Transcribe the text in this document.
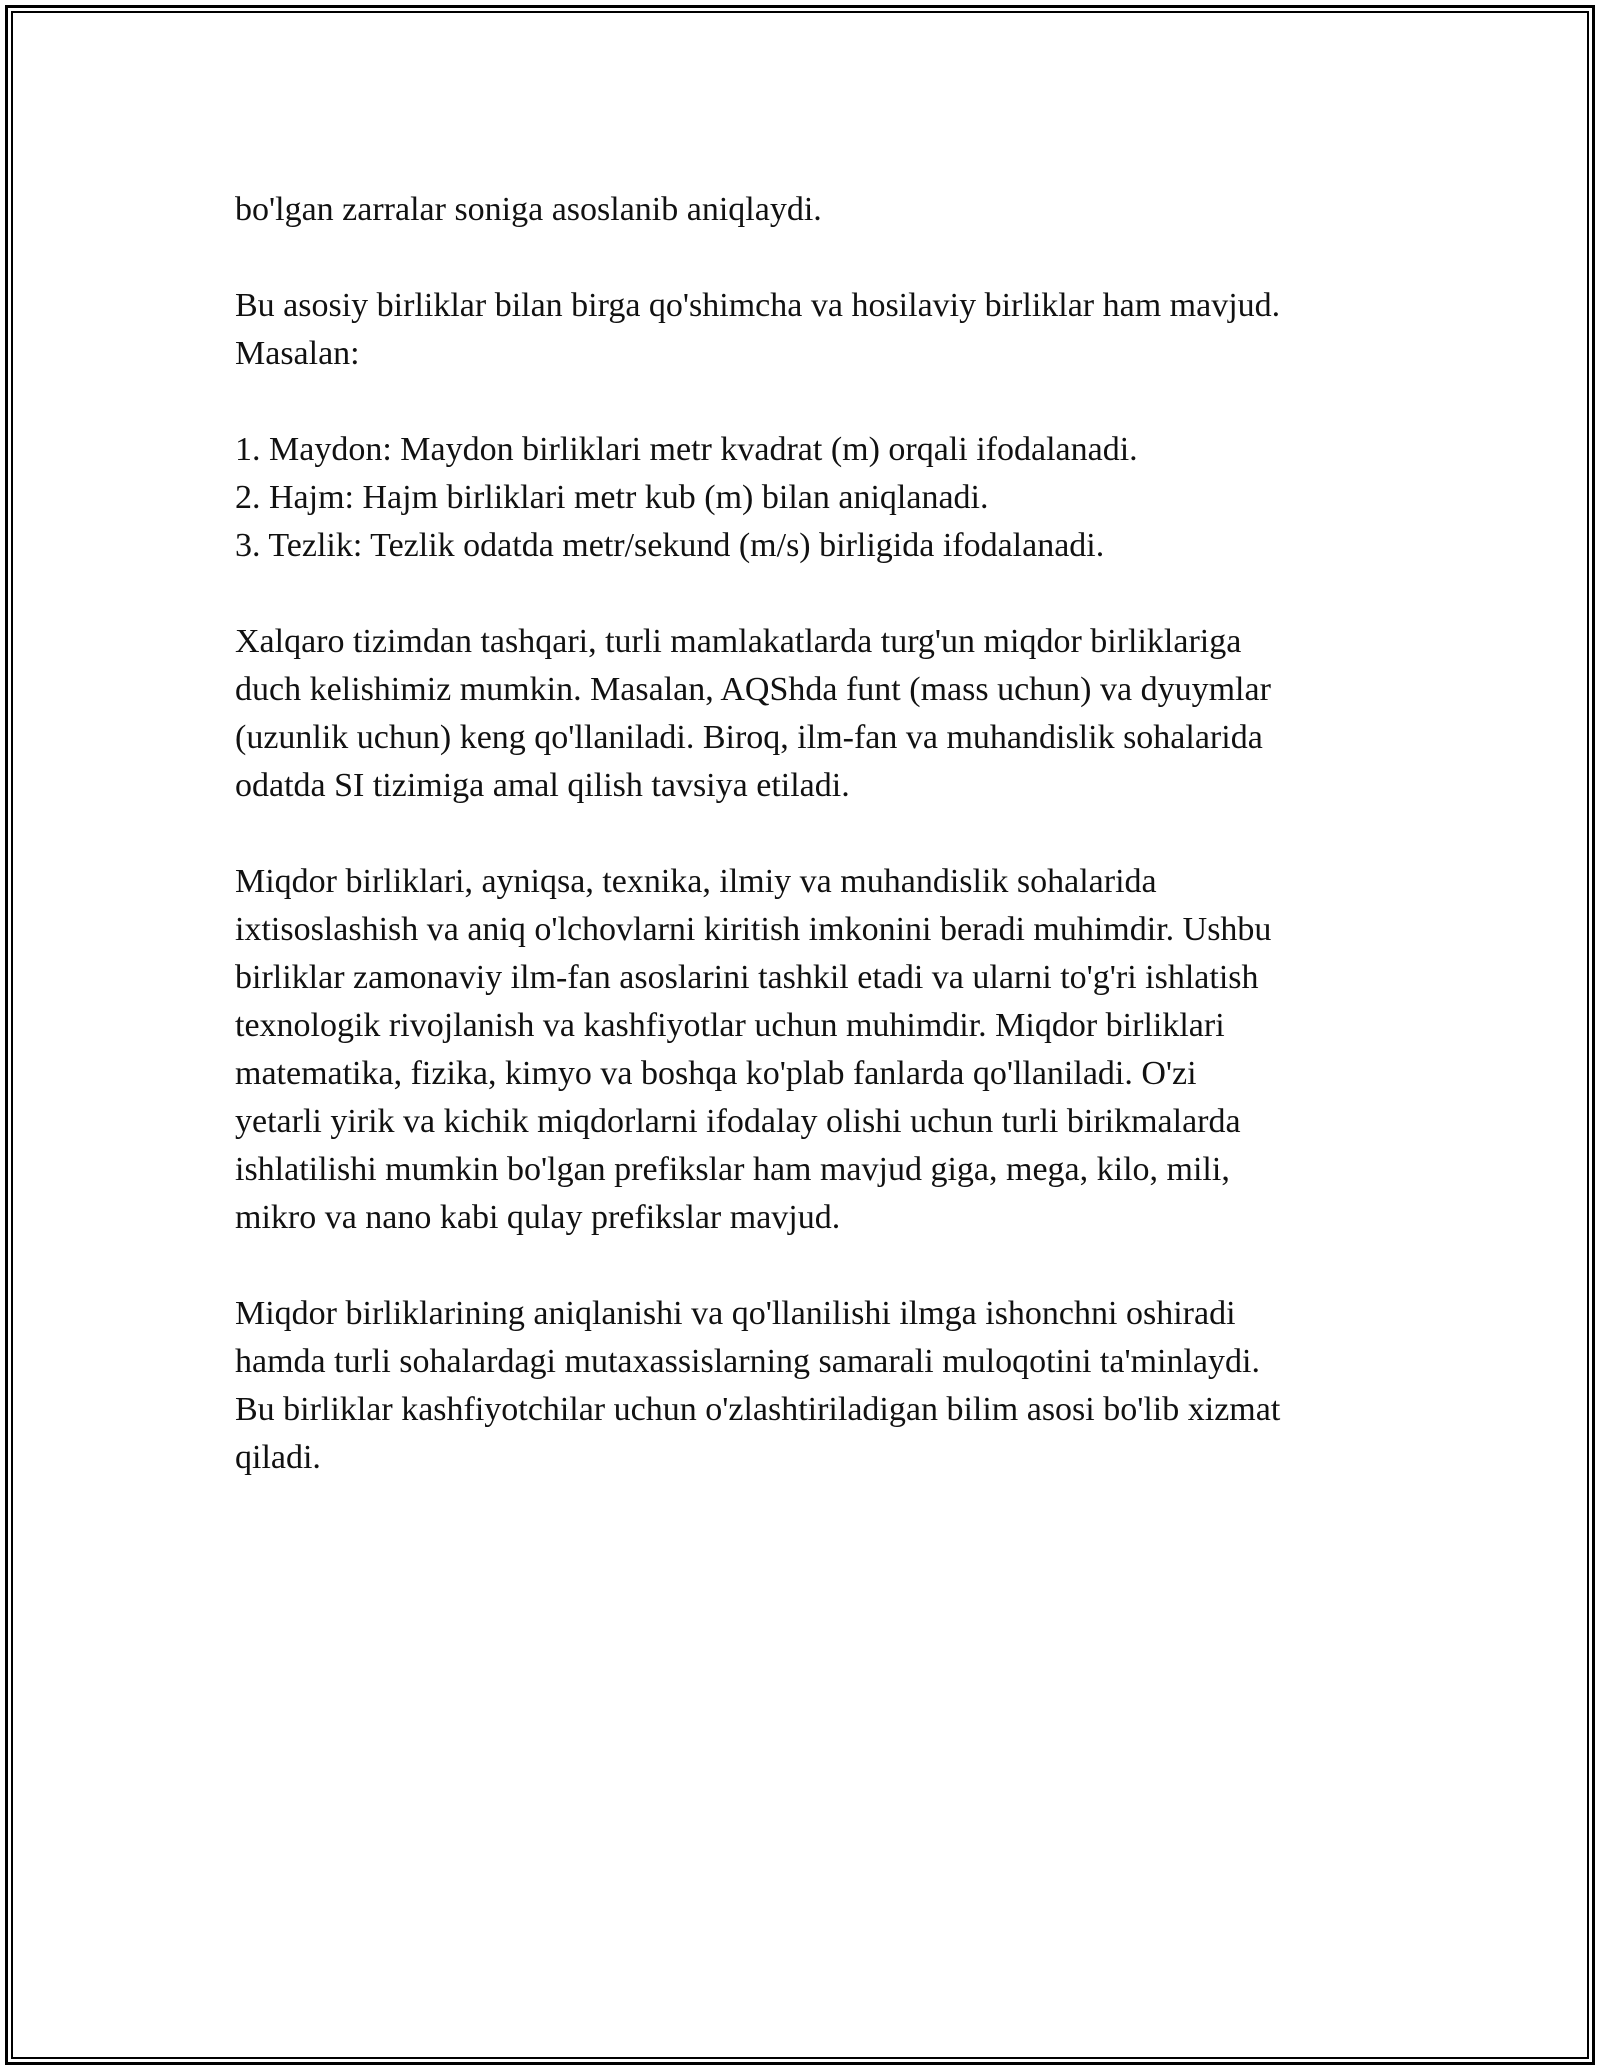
bo'lgan zarralar soniga asoslanib aniqlaydi.

Bu asosiy birliklar bilan birga qo'shimcha va hosilaviy birliklar ham mavjud.
Masalan:

1. Maydon: Maydon birliklari metr kvadrat (m) orqali ifodalanadi.
2. Hajm: Hajm birliklari metr kub (m) bilan aniqlanadi.
3. Tezlik: Tezlik odatda metr/sekund (m/s) birligida ifodalanadi.

Xalqaro tizimdan tashqari, turli mamlakatlarda turg'un miqdor birliklariga
duch kelishimiz mumkin. Masalan, AQShda funt (mass uchun) va dyuymlar
(uzunlik uchun) keng qo'llaniladi. Biroq, ilm-fan va muhandislik sohalarida
odatda SI tizimiga amal qilish tavsiya etiladi.

Miqdor birliklari, ayniqsa, texnika, ilmiy va muhandislik sohalarida
ixtisoslashish va aniq o'lchovlarni kiritish imkonini beradi muhimdir. Ushbu
birliklar zamonaviy ilm-fan asoslarini tashkil etadi va ularni to'g'ri ishlatish
texnologik rivojlanish va kashfiyotlar uchun muhimdir. Miqdor birliklari
matematika, fizika, kimyo va boshqa ko'plab fanlarda qo'llaniladi. O'zi
yetarli yirik va kichik miqdorlarni ifodalay olishi uchun turli birikmalarda
ishlatilishi mumkin bo'lgan prefikslar ham mavjud giga, mega, kilo, mili,
mikro va nano kabi qulay prefikslar mavjud.

Miqdor birliklarining aniqlanishi va qo'llanilishi ilmga ishonchni oshiradi
hamda turli sohalardagi mutaxassislarning samarali muloqotini ta'minlaydi.
Bu birliklar kashfiyotchilar uchun o'zlashtiriladigan bilim asosi bo'lib xizmat
qiladi.
